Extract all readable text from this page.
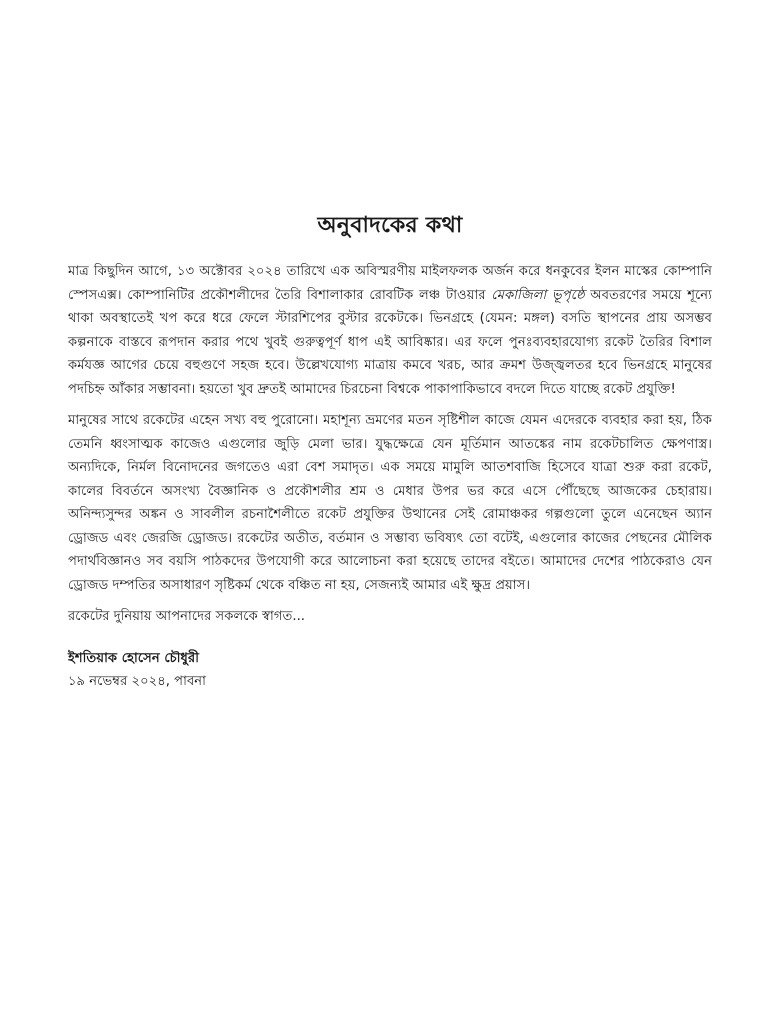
অনুবাদকের কথা

মাত্র কিছুদিন আগে, ১৩ অক্টোবর ২০২৪ তারিখে এক অবিস্মরণীয় মাইলফলক অর্জন করে ধনকুবের ইলন মাস্কের কোম্পানি স্পেসএক্স। কোম্পানিটির প্রকৌশলীদের তৈরি বিশালাকার রোবটিক লঞ্চ টাওয়ার মেকাজিলা ভূপৃষ্ঠে অবতরণের সময়ে শূন্যে থাকা অবস্থাতেই খপ করে ধরে ফেলে স্টারশিপের বুস্টার রকেটকে। ভিনগ্রহে (যেমন: মঙ্গল) বসতি স্থাপনের প্রায় অসম্ভব কল্পনাকে বাস্তবে রূপদান করার পথে খুবই গুরুত্বপূর্ণ ধাপ এই আবিষ্কার। এর ফলে পুনঃব্যবহারযোগ্য রকেট তৈরির বিশাল কর্মযজ্ঞ আগের চেয়ে বহুগুণে সহজ হবে। উল্লেখযোগ্য মাত্রায় কমবে খরচ, আর ক্রমশ উজ্জ্বলতর হবে ভিনগ্রহে মানুষের পদচিহ্ন আঁকার সম্ভাবনা। হয়তো খুব দ্রুতই আমাদের চিরচেনা বিশ্বকে পাকাপাকিভাবে বদলে দিতে যাচ্ছে রকেট প্রযুক্তি!

মানুষের সাথে রকেটের এহেন সখ্য বহু পুরোনো। মহাশূন্য ভ্রমণের মতন সৃষ্টিশীল কাজে যেমন এদেরকে ব্যবহার করা হয়, ঠিক তেমনি ধ্বংসাত্মক কাজেও এগুলোর জুড়ি মেলা ভার। যুদ্ধক্ষেত্রে যেন মূর্তিমান আতঙ্কের নাম রকেটচালিত ক্ষেপণাস্ত্র। অন্যদিকে, নির্মল বিনোদনের জগতেও এরা বেশ সমাদৃত। এক সময়ে মামুলি আতশবাজি হিসেবে যাত্রা শুরু করা রকেট, কালের বিবর্তনে অসংখ্য বৈজ্ঞানিক ও প্রকৌশলীর শ্রম ও মেধার উপর ভর করে এসে পৌঁছেছে আজকের চেহারায়। অনিন্দ্যসুন্দর অঙ্কন ও সাবলীল রচনাশৈলীতে রকেট প্রযুক্তির উত্থানের সেই রোমাঞ্চকর গল্পগুলো তুলে এনেছেন অ্যান ড্রোজড এবং জেরজি ড্রোজড। রকেটের অতীত, বর্তমান ও সম্ভাব্য ভবিষ্যৎ তো বটেই, এগুলোর কাজের পেছনের মৌলিক পদার্থবিজ্ঞানও সব বয়সি পাঠকদের উপযোগী করে আলোচনা করা হয়েছে তাদের বইতে। আমাদের দেশের পাঠকেরাও যেন ড্রোজড দম্পতির অসাধারণ সৃষ্টিকর্ম থেকে বঞ্চিত না হয়, সেজন্যই আমার এই ক্ষুদ্র প্রয়াস।

রকেটের দুনিয়ায় আপনাদের সকলকে স্বাগত...

ইশতিয়াক হোসেন চৌধুরী
১৯ নভেম্বর ২০২৪, পাবনা
